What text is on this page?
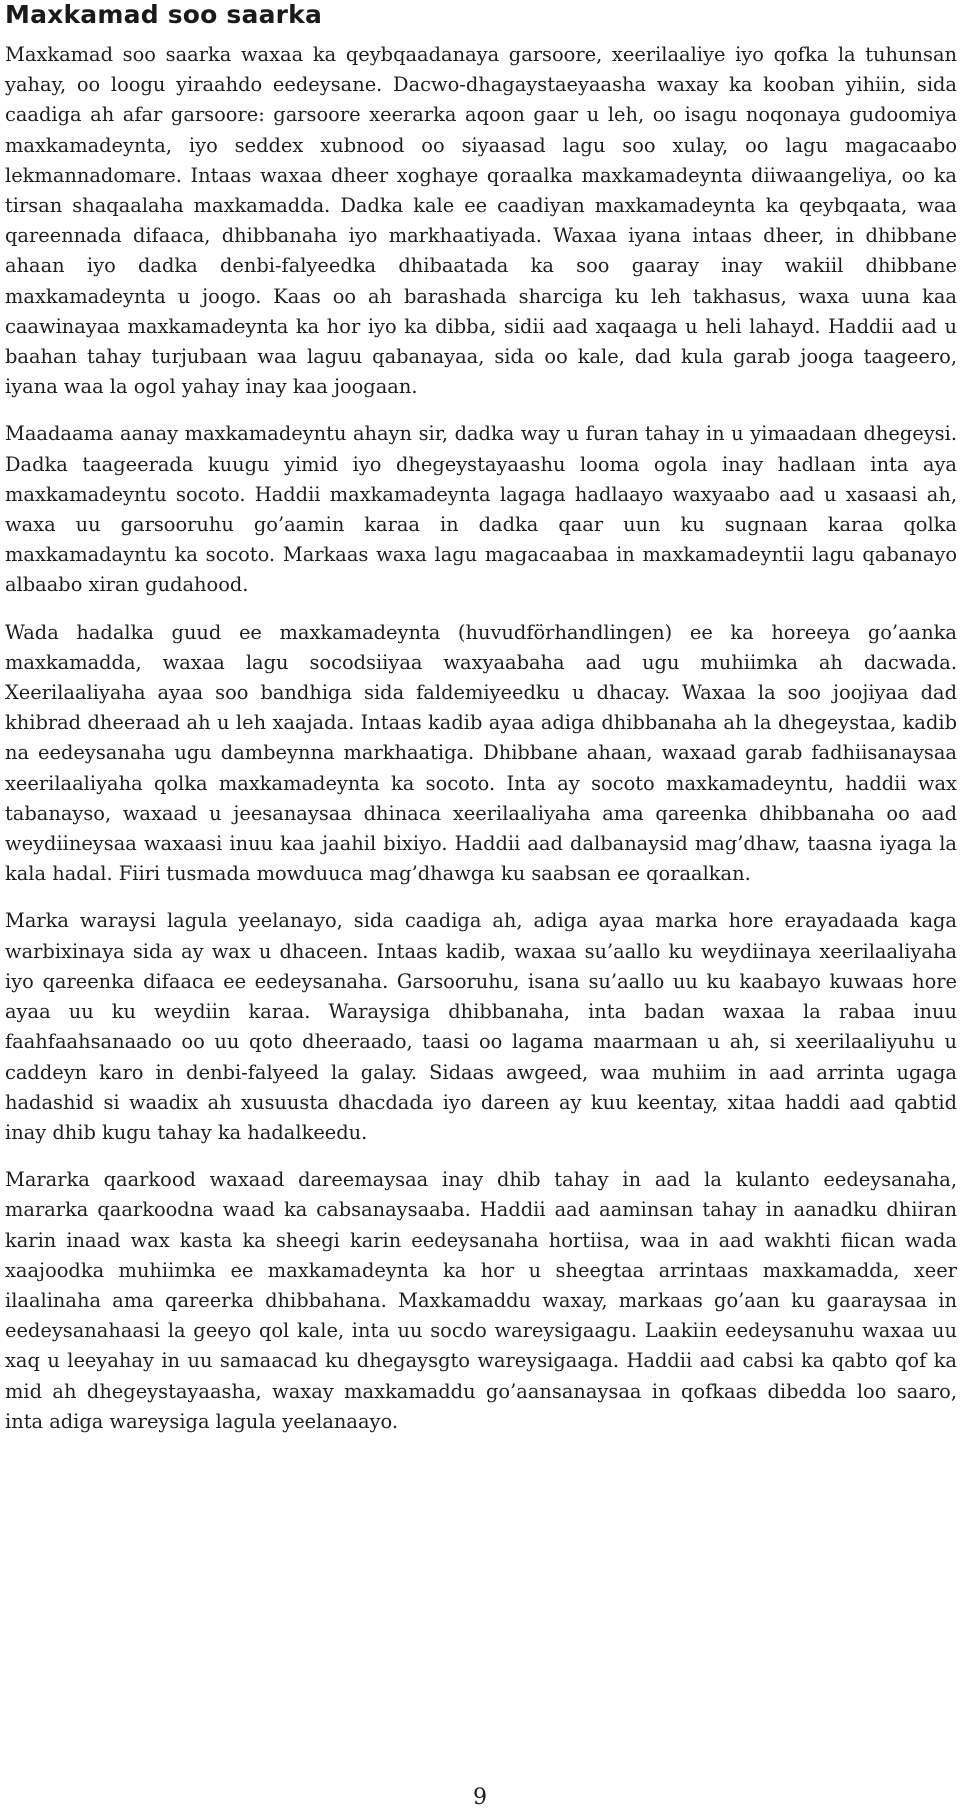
Maxkamad soo saarka

Maxkamad soo saarka waxaa ka qeybqaadanaya garsoore, xeerilaaliye iyo qofka la tuhunsan yahay, oo loogu yiraahdo eedeysane. Dacwo-dhagaystaeyaasha waxay ka kooban yihiin, sida caadiga ah afar garsoore: garsoore xeerarka aqoon gaar u leh, oo isagu noqonaya gudoomiya maxkamadeynta, iyo seddex xubnood oo siyaasad lagu soo xulay, oo lagu magacaabo lekmannadomare. Intaas waxaa dheer xoghaye qoraalka maxkamadeynta diiwaangeliya, oo ka tirsan shaqaalaha maxkamadda. Dadka kale ee caadiyan maxkamadeynta ka qeybqaata, waa qareennada difaaca, dhibbanaha iyo markhaatiyada. Waxaa iyana intaas dheer, in dhibbane ahaan iyo dadka denbi-falyeedka dhibaatada ka soo gaaray inay wakiil dhibbane maxkamadeynta u joogo. Kaas oo ah barashada sharciga ku leh takhasus, waxa uuna kaa caawinayaa maxkamadeynta ka hor iyo ka dibba, sidii aad xaqaaga u heli lahayd. Haddii aad u baahan tahay turjubaan waa laguu qabanayaa, sida oo kale, dad kula garab jooga taageero, iyana waa la ogol yahay inay kaa joogaan.

Maadaama aanay maxkamadeyntu ahayn sir, dadka way u furan tahay in u yimaadaan dhegeysi. Dadka taageerada kuugu yimid iyo dhegeystayaashu looma ogola inay hadlaan inta aya maxkamadeyntu socoto. Haddii maxkamadeynta lagaga hadlaayo waxyaabo aad u xasaasi ah, waxa uu garsooruhu go’aamin karaa in dadka qaar uun ku sugnaan karaa qolka maxkamadayntu ka socoto. Markaas waxa lagu magacaabaa in maxkamadeyntii lagu qabanayo albaabo xiran gudahood.

Wada hadalka guud ee maxkamadeynta (huvudförhandlingen) ee ka horeeya go’aanka maxkamadda, waxaa lagu socodsiiyaa waxyaabaha aad ugu muhiimka ah dacwada. Xeerilaaliyaha ayaa soo bandhiga sida faldemiyeedku u dhacay. Waxaa la soo joojiyaa dad khibrad dheeraad ah u leh xaajada. Intaas kadib ayaa adiga dhibbanaha ah la dhegeystaa, kadib na eedeysanaha ugu dambeynna markhaatiga. Dhibbane ahaan, waxaad garab fadhiisanaysaa xeerilaaliyaha qolka maxkamadeynta ka socoto. Inta ay socoto maxkamadeyntu, haddii wax tabanayso, waxaad u jeesanaysaa dhinaca xeerilaaliyaha ama qareenka dhibbanaha oo aad weydiineysaa waxaasi inuu kaa jaahil bixiyo. Haddii aad dalbanaysid mag’dhaw, taasna iyaga la kala hadal. Fiiri tusmada mowduuca mag’dhawga ku saabsan ee qoraalkan.

Marka waraysi lagula yeelanayo, sida caadiga ah, adiga ayaa marka hore erayadaada kaga warbixinaya sida ay wax u dhaceen. Intaas kadib, waxaa su’aallo ku weydiinaya xeerilaaliyaha iyo qareenka difaaca ee eedeysanaha. Garsooruhu, isana su’aallo uu ku kaabayo kuwaas hore ayaa uu ku weydiin karaa. Waraysiga dhibbanaha, inta badan waxaa la rabaa inuu faahfaahsanaado oo uu qoto dheeraado, taasi oo lagama maarmaan u ah, si xeerilaaliyuhu u caddeyn karo in denbi-falyeed la galay. Sidaas awgeed, waa muhiim in aad arrinta ugaga hadashid si waadix ah xusuusta dhacdada iyo dareen ay kuu keentay, xitaa haddi aad qabtid inay dhib kugu tahay ka hadalkeedu.

Mararka qaarkood waxaad dareemaysaa inay dhib tahay in aad la kulanto eedeysanaha, mararka qaarkoodna waad ka cabsanaysaaba. Haddii aad aaminsan tahay in aanadku dhiiran karin inaad wax kasta ka sheegi karin eedeysanaha hortiisa, waa in aad wakhti fiican wada xaajoodka muhiimka ee maxkamadeynta ka hor u sheegtaa arrintaas maxkamadda, xeer ilaalinaha ama qareerka dhibbahana. Maxkamaddu waxay, markaas go’aan ku gaaraysaa in eedeysanahaasi la geeyo qol kale, inta uu socdo wareysigaagu. Laakiin eedeysanuhu waxaa uu xaq u leeyahay in uu samaacad ku dhegaysgto wareysigaaga. Haddii aad cabsi ka qabto qof ka mid ah dhegeystayaasha, waxay maxkamaddu go’aansanaysaa in qofkaas dibedda loo saaro, inta adiga wareysiga lagula yeelanaayo.

9
